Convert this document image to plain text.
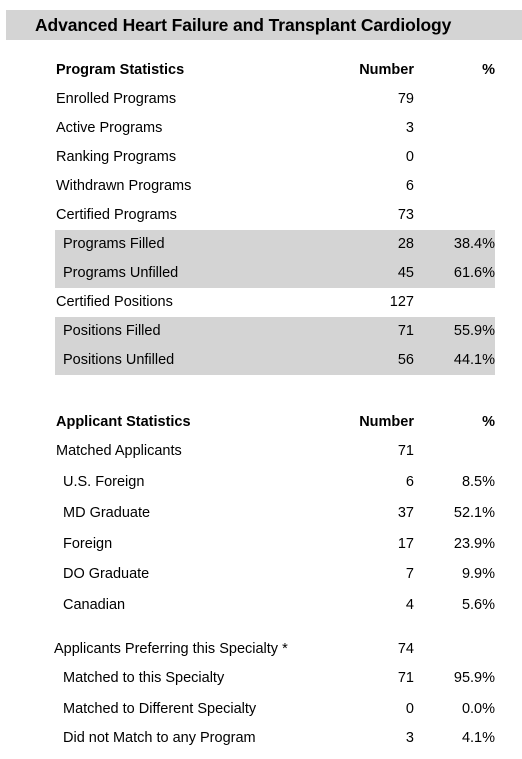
Advanced Heart Failure and Transplant Cardiology
Program Statistics	Number	%
Enrolled Programs	79
Active Programs	3
Ranking Programs	0
Withdrawn Programs	6
Certified Programs	73
Programs Filled	28	38.4%
Programs Unfilled	45	61.6%
Certified Positions	127
Positions Filled	71	55.9%
Positions Unfilled	56	44.1%
Applicant Statistics	Number	%
Matched Applicants	71
U.S. Foreign	6	8.5%
MD Graduate	37	52.1%
Foreign	17	23.9%
DO Graduate	7	9.9%
Canadian	4	5.6%
Applicants Preferring this Specialty *	74
Matched to this Specialty	71	95.9%
Matched to Different Specialty	0	0.0%
Did not Match to any Program	3	4.1%
